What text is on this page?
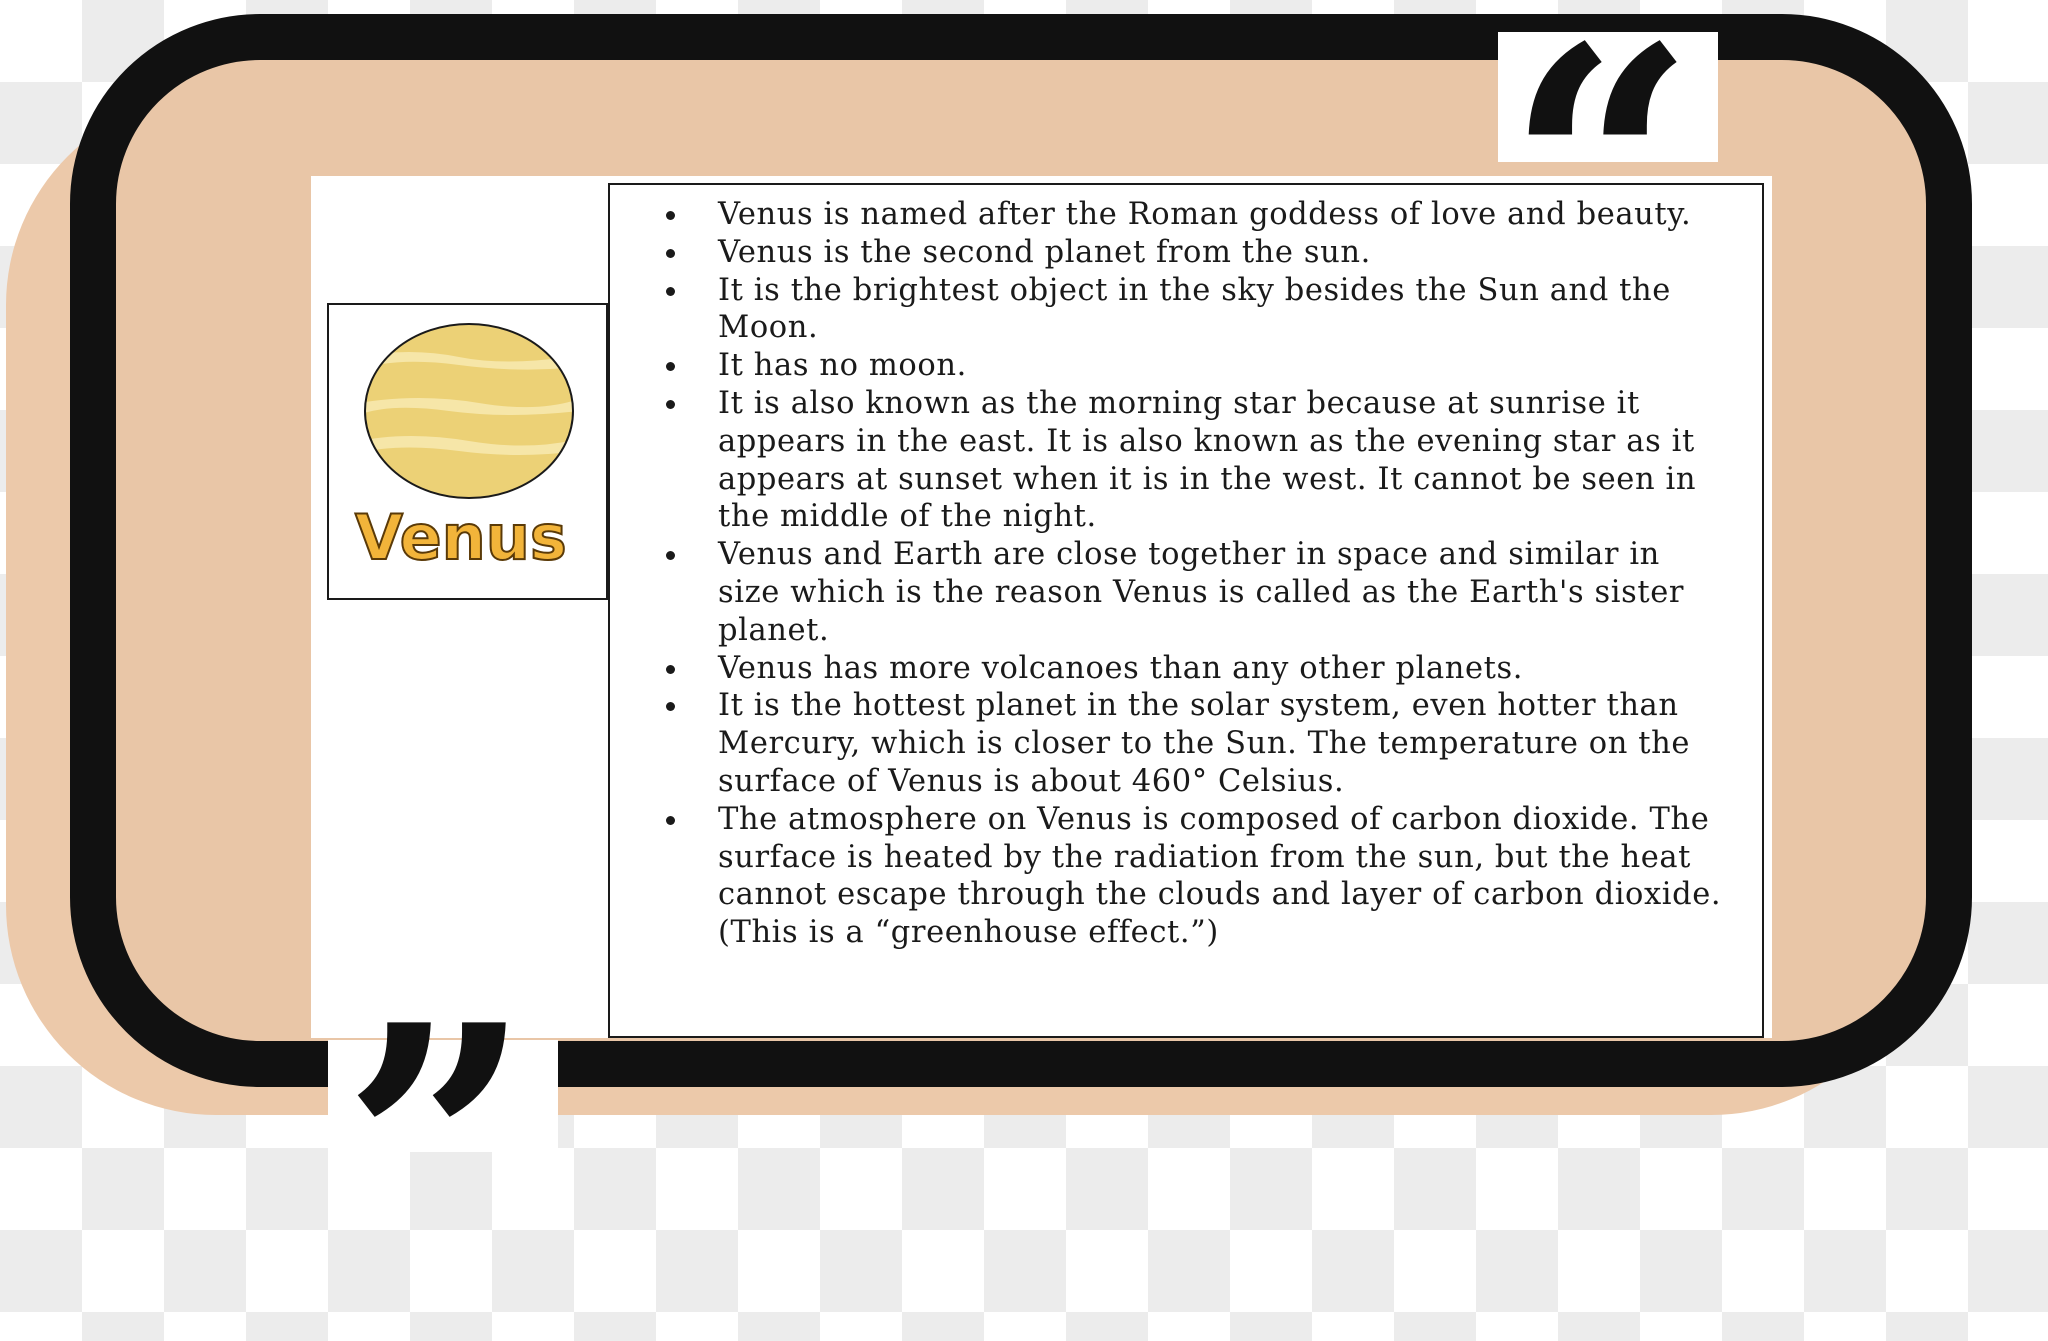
Venus
Venus is named after the Roman goddess of love and beauty.
Venus is the second planet from the sun.
It is the brightest object in the sky besides the Sun and the Moon.
It has no moon.
It is also known as the morning star because at sunrise it appears in the east. It is also known as the evening star as it appears at sunset when it is in the west. It cannot be seen in the middle of the night.
Venus and Earth are close together in space and similar in size which is the reason Venus is called as the Earth's sister planet.
Venus has more volcanoes than any other planets.
It is the hottest planet in the solar system, even hotter than Mercury, which is closer to the Sun. The temperature on the surface of Venus is about 460° Celsius.
The atmosphere on Venus is composed of carbon dioxide. The surface is heated by the radiation from the sun, but the heat cannot escape through the clouds and layer of carbon dioxide. (This is a “greenhouse effect.”)
”
